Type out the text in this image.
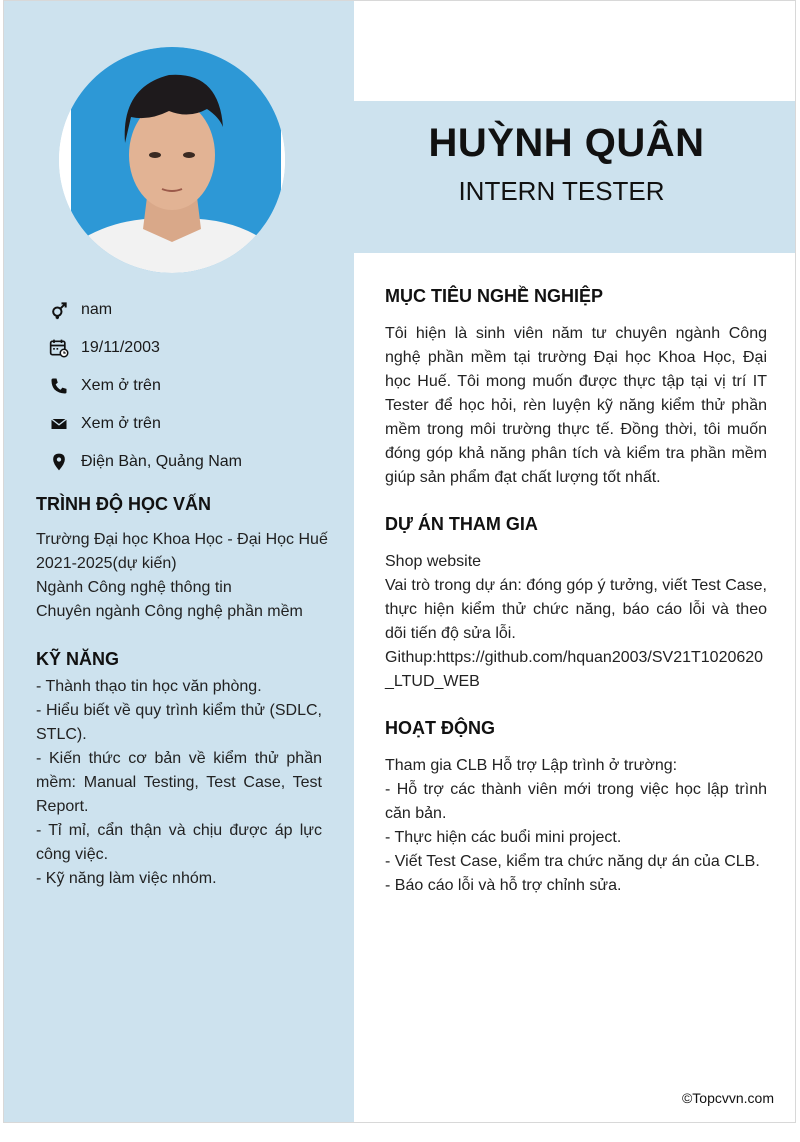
HUỲNH QUÂN
INTERN TESTER
nam
19/11/2003
Xem ở trên
Xem ở trên
Điện Bàn, Quảng Nam
TRÌNH ĐỘ HỌC VẤN
Trường Đại học Khoa Học - Đại Học Huế
2021-2025(dự kiến)
Ngành Công nghệ thông tin
Chuyên ngành Công nghệ phần mềm
KỸ NĂNG
- Thành thạo tin học văn phòng.
- Hiểu biết về quy trình kiểm thử (SDLC, STLC).
- Kiến thức cơ bản về kiểm thử phần mềm: Manual Testing, Test Case, Test Report.
- Tỉ mỉ, cẩn thận và chịu được áp lực công việc.
- Kỹ năng làm việc nhóm.
MỤC TIÊU NGHỀ NGHIỆP
Tôi hiện là sinh viên năm tư chuyên ngành Công nghệ phần mềm tại trường Đại học Khoa Học, Đại học Huế. Tôi mong muốn được thực tập tại vị trí IT Tester để học hỏi, rèn luyện kỹ năng kiểm thử phần mềm trong môi trường thực tế. Đồng thời, tôi muốn đóng góp khả năng phân tích và kiểm tra phần mềm giúp sản phẩm đạt chất lượng tốt nhất.
DỰ ÁN THAM GIA
Shop website
Vai trò trong dự án: đóng góp ý tưởng, viết Test Case, thực hiện kiểm thử chức năng, báo cáo lỗi và theo dõi tiến độ sửa lỗi.
Githup:https://github.com/hquan2003/SV21T1020620_LTUD_WEB
HOẠT ĐỘNG
Tham gia CLB Hỗ trợ Lập trình ở trường:
- Hỗ trợ các thành viên mới trong việc học lập trình căn bản.
- Thực hiện các buổi mini project.
- Viết Test Case, kiểm tra chức năng dự án của CLB.
- Báo cáo lỗi và hỗ trợ chỉnh sửa.
©Topcvvn.com
